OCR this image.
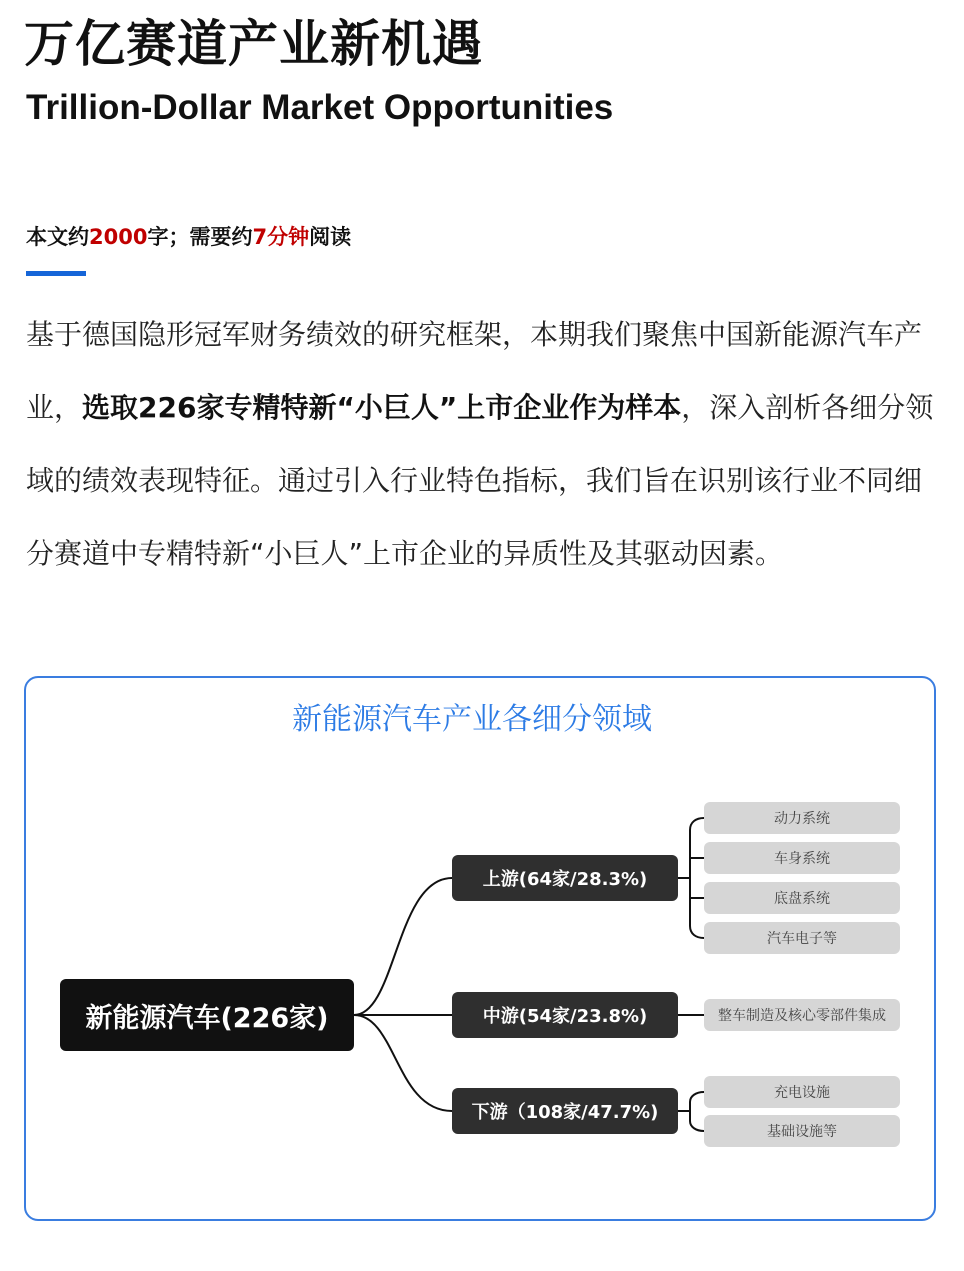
万亿赛道产业新机遇
Trillion-Dollar Market Opportunities
本文约2000字；需要约7分钟阅读

基于德国隐形冠军财务绩效的研究框架，本期我们聚焦中国新能源汽车产业，选取226家专精特新“小巨人”上市企业作为样本，深入剖析各细分领域的绩效表现特征。通过引入行业特色指标，我们旨在识别该行业不同细分赛道中专精特新“小巨人”上市企业的异质性及其驱动因素。

新能源汽车产业各细分领域
新能源汽车(226家)
上游(64家/28.3%)
中游(54家/23.8%)
下游（108家/47.7%)
动力系统
车身系统
底盘系统
汽车电子等
整车制造及核心零部件集成
充电设施
基础设施等
